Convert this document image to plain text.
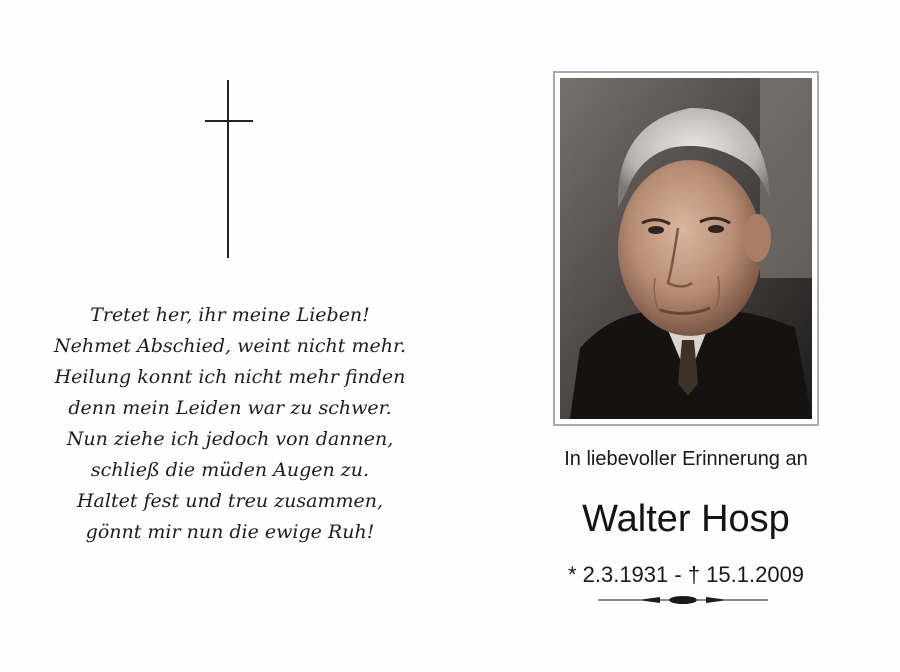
Tretet her, ihr meine Lieben!
Nehmet Abschied, weint nicht mehr.
Heilung konnt ich nicht mehr finden
denn mein Leiden war zu schwer.
Nun ziehe ich jedoch von dannen,
schließ die müden Augen zu.
Haltet fest und treu zusammen,
gönnt mir nun die ewige Ruh!
In liebevoller Erinnerung an
Walter Hosp
* 2.3.1931 - † 15.1.2009
